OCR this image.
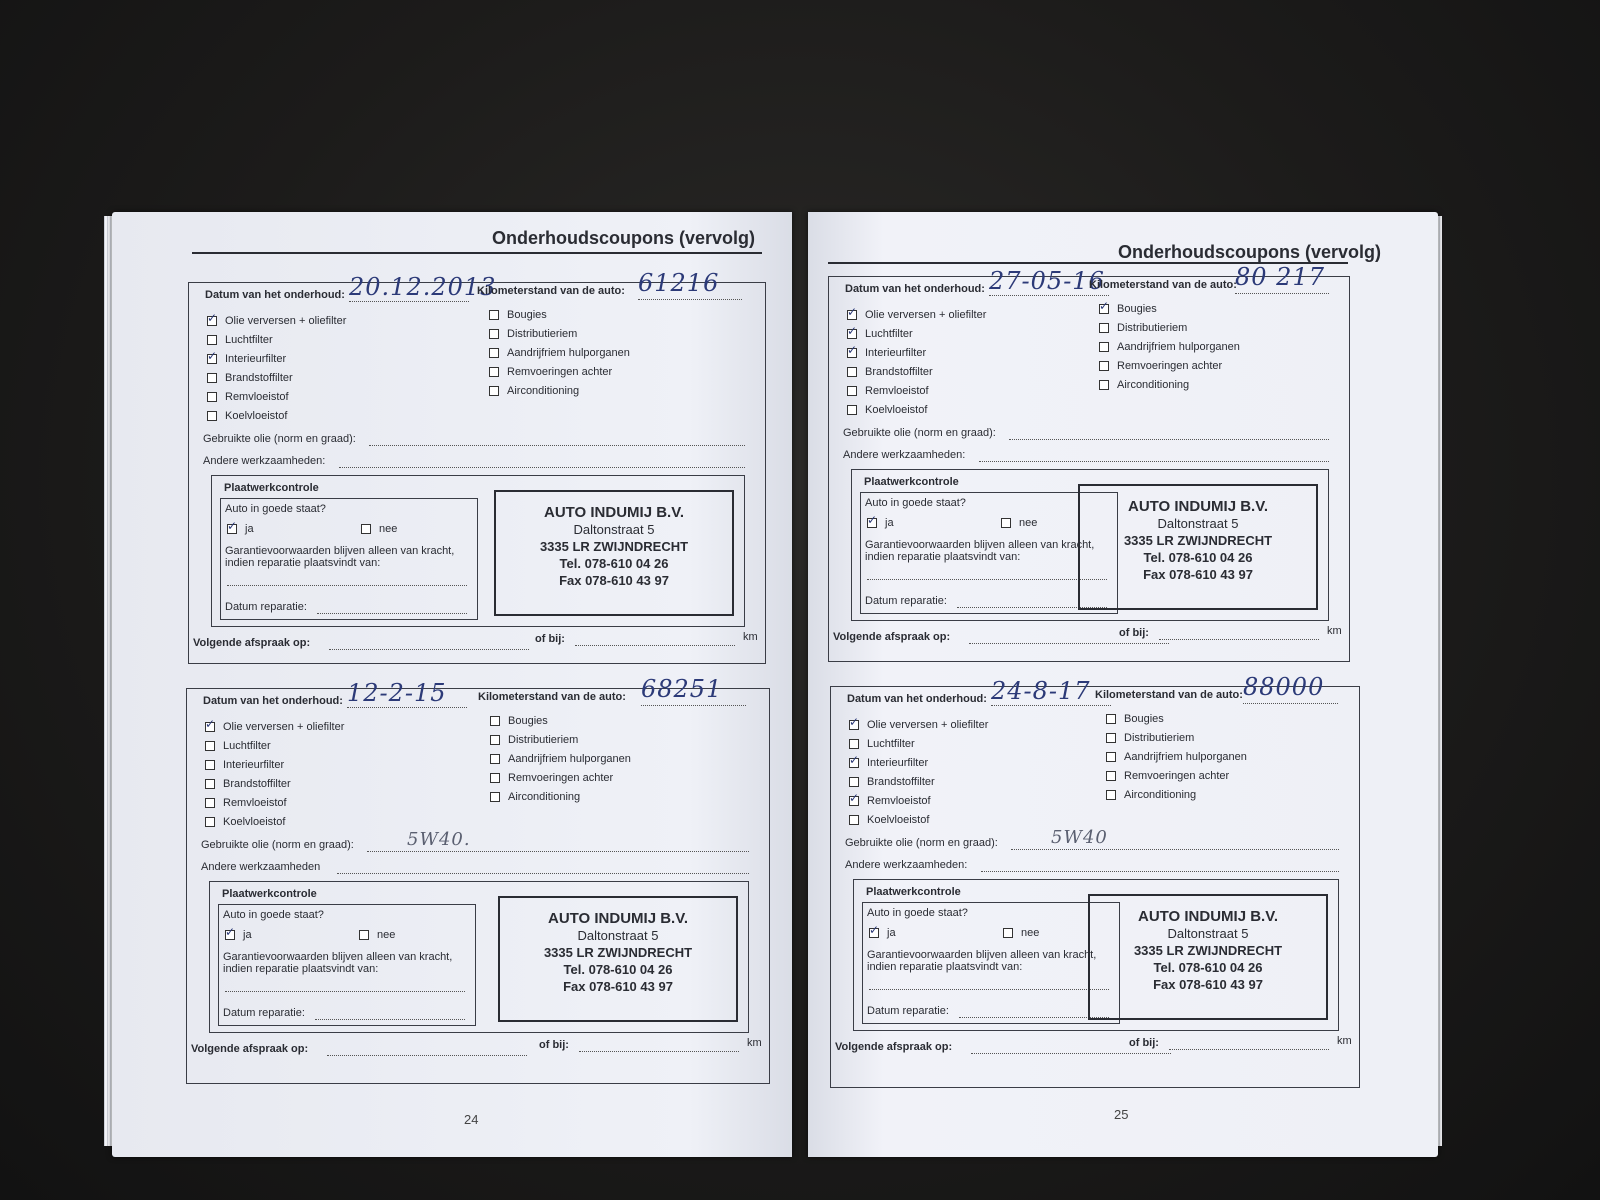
Onderhoudscoupons (vervolg)
24
Onderhoudscoupons (vervolg)
25
Datum van het onderhoud: 20.12.2013
Kilometerstand van de auto: 61216
✓
Olie verversen + oliefilter
Luchtfilter
✓
Interieurfilter
Brandstoffilter
Remvloeistof
Koelvloeistof
Bougies
Distributieriem
Aandrijfriem hulporganen
Remvoeringen achter
Airconditioning
Gebruikte olie (norm en graad):
Andere werkzaamheden:
Plaatwerkcontrole
Auto in goede staat?
✓
ja	nee
Garantievoorwaarden blijven alleen van kracht, indien reparatie plaatsvindt van:
Datum reparatie:
AUTO INDUMIJ B.V.
Daltonstraat 5
3335 LR ZWIJNDRECHT
Tel. 078-610 04 26
Fax 078-610 43 97
Volgende afspraak op:	of bij:	km
Datum van het onderhoud: 12-2-15	Kilometerstand van de auto: 68251
✓
Olie verversen + oliefilter
Luchtfilter
Interieurfilter
Brandstoffilter
Remvloeistof
Koelvloeistof
Bougies
Distributieriem
Aandrijfriem hulporganen
Remvoeringen achter
Airconditioning
Gebruikte olie (norm en graad):	5W40.
Andere werkzaamheden
Plaatwerkcontrole
Auto in goede staat?
✓
ja	nee
Garantievoorwaarden blijven alleen van kracht, indien reparatie plaatsvindt van:
Datum reparatie:
AUTO INDUMIJ B.V.
Daltonstraat 5
3335 LR ZWIJNDRECHT
Tel. 078-610 04 26
Fax 078-610 43 97
Volgende afspraak op:	of bij:	km
Datum van het onderhoud: 27-05-16
Kilometerstand van de auto:
80 217
✓
Olie verversen + oliefilter
✓
Luchtfilter
✓
Interieurfilter
Brandstoffilter
Remvloeistof
Koelvloeistof
✓
Bougies
Distributieriem
Aandrijfriem hulporganen
Remvoeringen achter
Airconditioning
Gebruikte olie (norm en graad):
Andere werkzaamheden:
Plaatwerkcontrole
Auto in goede staat?
✓
ja	nee
Garantievoorwaarden blijven alleen van kracht, indien reparatie plaatsvindt van:
Datum reparatie:
AUTO INDUMIJ B.V.
Daltonstraat 5
3335 LR ZWIJNDRECHT
Tel. 078-610 04 26
Fax 078-610 43 97
Volgende afspraak op:	of bij:	km
Datum van het onderhoud: 24-8-17 Kilometerstand van de auto: 88000
✓
Olie verversen + oliefilter
Luchtfilter
✓
Interieurfilter
Brandstoffilter
✓
Remvloeistof
Koelvloeistof
Bougies
Distributieriem
Aandrijfriem hulporganen
Remvoeringen achter
Airconditioning
Gebruikte olie (norm en graad):	5W40
Andere werkzaamheden:
Plaatwerkcontrole
Auto in goede staat?
✓
ja	nee
Garantievoorwaarden blijven alleen van kracht, indien reparatie plaatsvindt van:
Datum reparatie:
AUTO INDUMIJ B.V.
Daltonstraat 5
3335 LR ZWIJNDRECHT
Tel. 078-610 04 26
Fax 078-610 43 97
Volgende afspraak op:	of bij:	km
